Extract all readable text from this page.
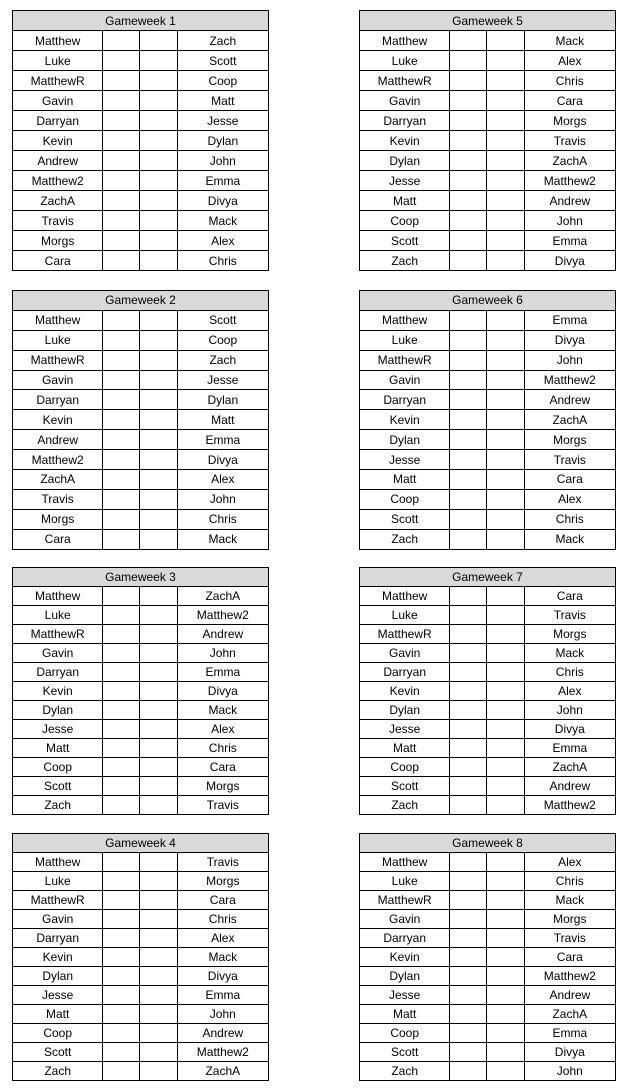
Gameweek 1			
Matthew			Zach
Luke			Scott
MatthewR			Coop
Gavin			Matt
Darryan			Jesse
Kevin			Dylan
Andrew			John
Matthew2			Emma
ZachA			Divya
Travis			Mack
Morgs			Alex
Cara			Chris
Gameweek 5			
Matthew			Mack
Luke			Alex
MatthewR			Chris
Gavin			Cara
Darryan			Morgs
Kevin			Travis
Dylan			ZachA
Jesse			Matthew2
Matt			Andrew
Coop			John
Scott			Emma
Zach			Divya
Gameweek 2			
Matthew			Scott
Luke			Coop
MatthewR			Zach
Gavin			Jesse
Darryan			Dylan
Kevin			Matt
Andrew			Emma
Matthew2			Divya
ZachA			Alex
Travis			John
Morgs			Chris
Cara			Mack
Gameweek 6			
Matthew			Emma
Luke			Divya
MatthewR			John
Gavin			Matthew2
Darryan			Andrew
Kevin			ZachA
Dylan			Morgs
Jesse			Travis
Matt			Cara
Coop			Alex
Scott			Chris
Zach			Mack
Gameweek 3			
Matthew			ZachA
Luke			Matthew2
MatthewR			Andrew
Gavin			John
Darryan			Emma
Kevin			Divya
Dylan			Mack
Jesse			Alex
Matt			Chris
Coop			Cara
Scott			Morgs
Zach			Travis
Gameweek 7			
Matthew			Cara
Luke			Travis
MatthewR			Morgs
Gavin			Mack
Darryan			Chris
Kevin			Alex
Dylan			John
Jesse			Divya
Matt			Emma
Coop			ZachA
Scott			Andrew
Zach			Matthew2
Gameweek 4			
Matthew			Travis
Luke			Morgs
MatthewR			Cara
Gavin			Chris
Darryan			Alex
Kevin			Mack
Dylan			Divya
Jesse			Emma
Matt			John
Coop			Andrew
Scott			Matthew2
Zach			ZachA
Gameweek 8			
Matthew			Alex
Luke			Chris
MatthewR			Mack
Gavin			Morgs
Darryan			Travis
Kevin			Cara
Dylan			Matthew2
Jesse			Andrew
Matt			ZachA
Coop			Emma
Scott			Divya
Zach			John
